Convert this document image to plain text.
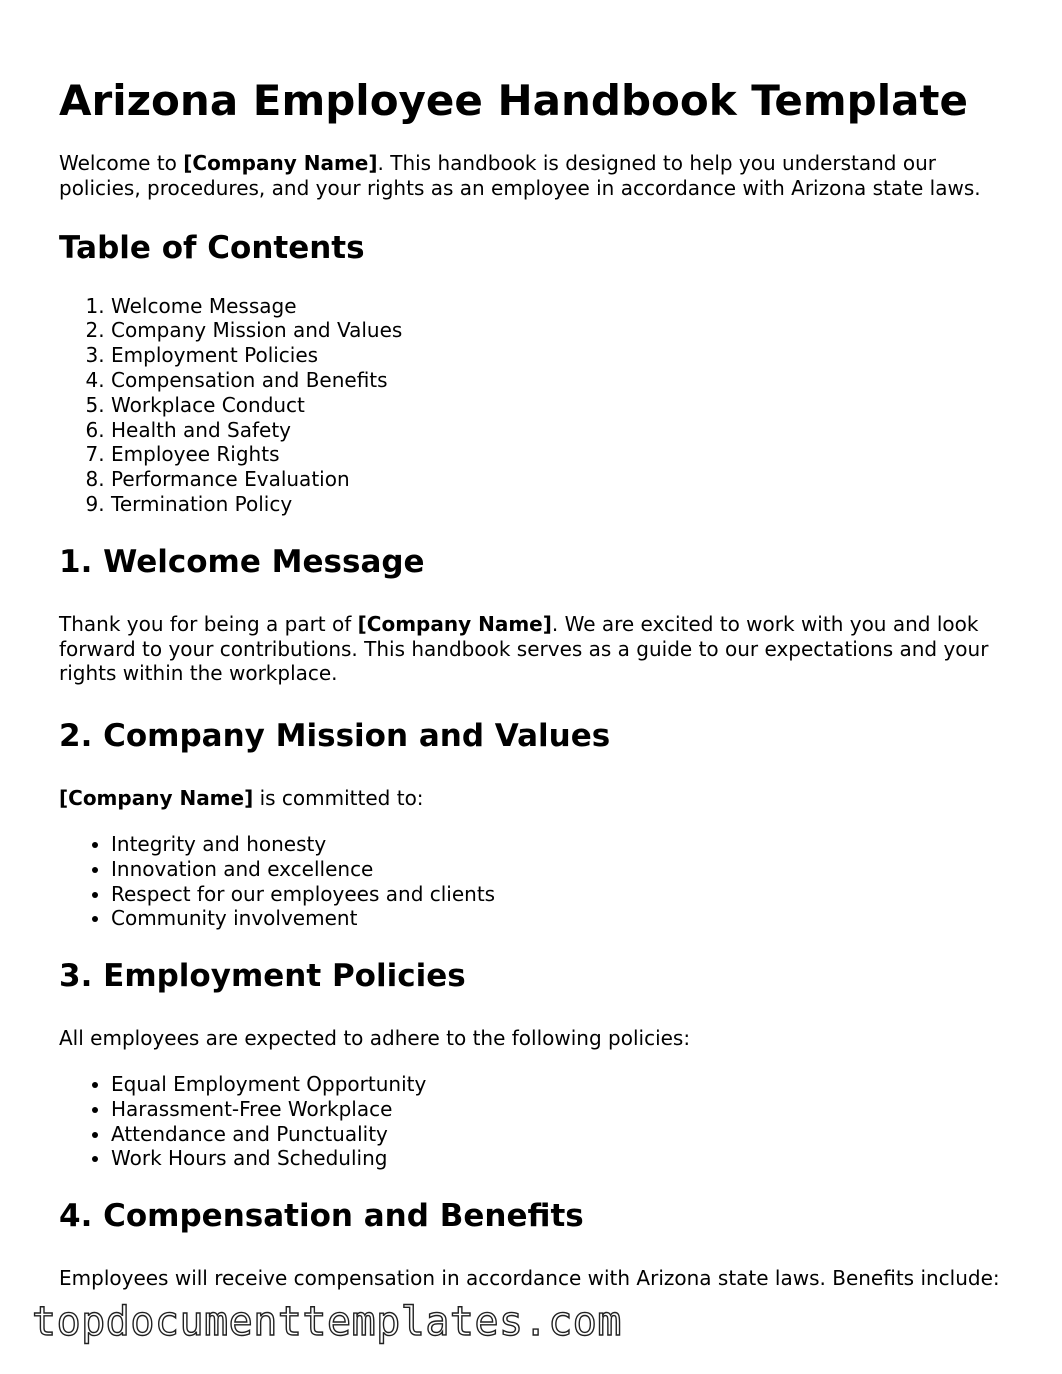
Arizona Employee Handbook Template

Welcome to [Company Name]. This handbook is designed to help you understand our policies, procedures, and your rights as an employee in accordance with Arizona state laws.

Table of Contents
1. Welcome Message
2. Company Mission and Values
3. Employment Policies
4. Compensation and Benefits
5. Workplace Conduct
6. Health and Safety
7. Employee Rights
8. Performance Evaluation
9. Termination Policy
1. Welcome Message

Thank you for being a part of [Company Name]. We are excited to work with you and look forward to your contributions. This handbook serves as a guide to our expectations and your rights within the workplace.

2. Company Mission and Values

[Company Name] is committed to:

• Integrity and honesty
• Innovation and excellence
• Respect for our employees and clients
• Community involvement
3. Employment Policies

All employees are expected to adhere to the following policies:

• Equal Employment Opportunity
• Harassment-Free Workplace
• Attendance and Punctuality
• Work Hours and Scheduling
4. Compensation and Benefits

Employees will receive compensation in accordance with Arizona state laws. Benefits include:

topdocumenttemplates.com
